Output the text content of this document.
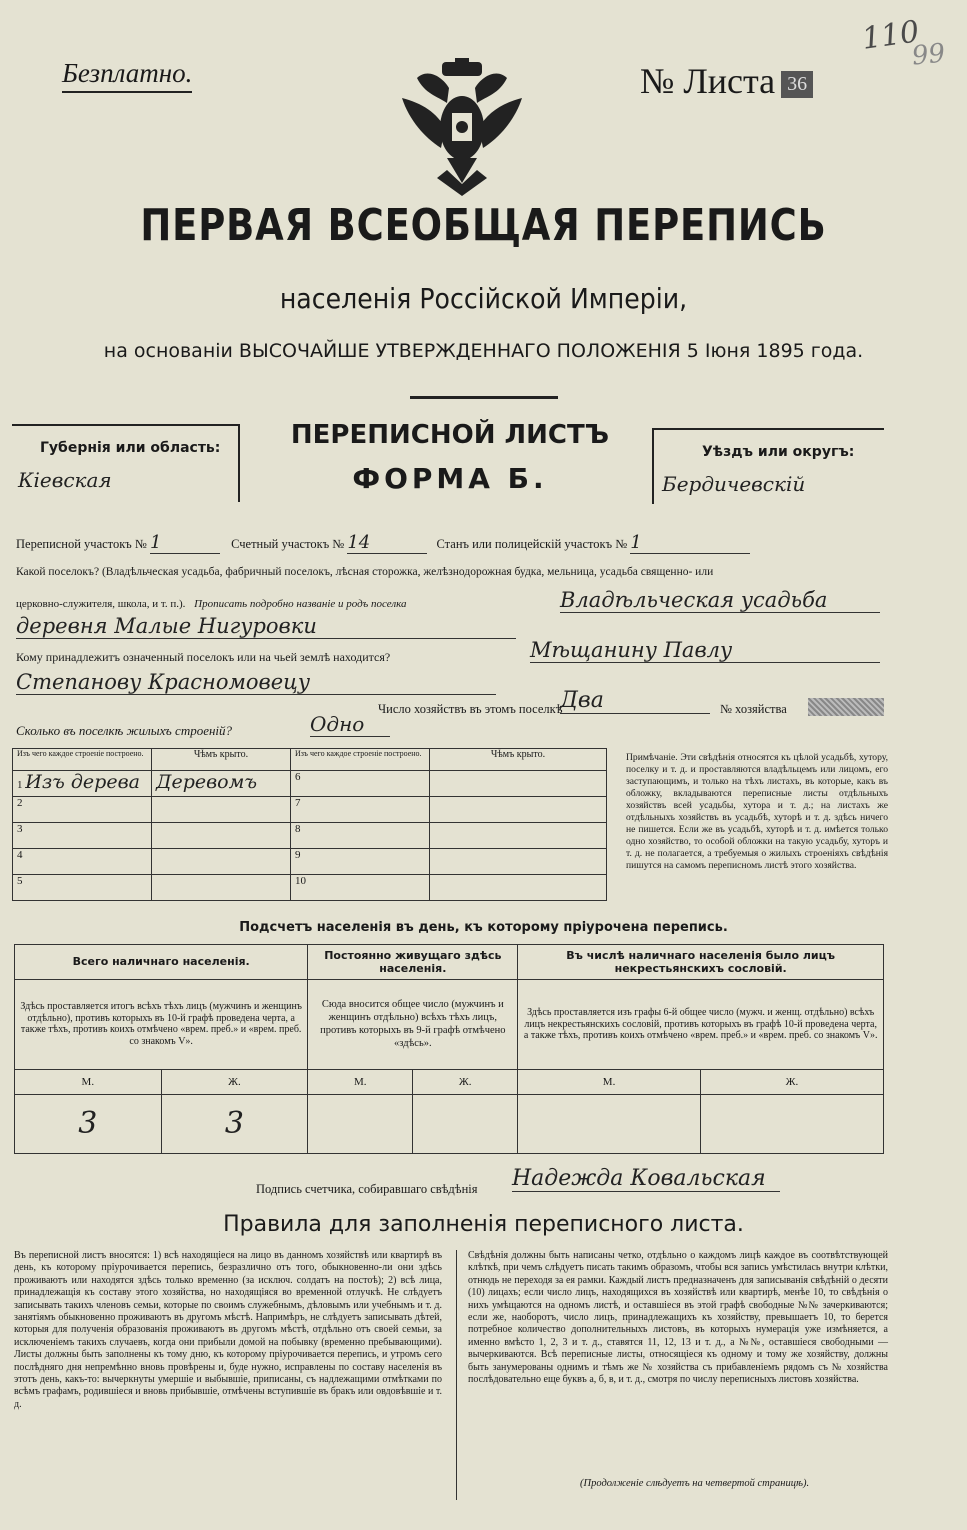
Безплатно.	№ Листа 36
110
99
ПЕРВАЯ ВСЕОБЩАЯ ПЕРЕПИСЬ
населенія Россійской Имперіи,
на основаніи ВЫСОЧАЙШЕ УТВЕРЖДЕННАГО ПОЛОЖЕНІЯ 5 Іюня 1895 года.
Губернія или область:
Кіевская
ПЕРЕПИСНОЙ ЛИСТЪ
ФОРМА Б.
Уѣздъ или округъ:
Бердичевскій
Переписной участокъ № 1	Счетный участокъ № 14	Станъ или полицейскій участокъ № 1
Какой поселокъ? (Владѣльческая усадьба, фабричный поселокъ, лѣсная сторожка, желѣзнодорожная будка, мельница, усадьба священно- или
церковно-служителя, школа, и т. п.). Прописать подробно названіе и родъ поселка	Владѣльческая усадьба
деревня Малые Нигуровки
Кому принадлежитъ означенный поселокъ или на чьей землѣ находится?	Мѣщанину Павлу
Степанову Красномовецу
Число хозяйствъ въ этомъ поселкѣ
Два	№ хозяйства
Сколько въ поселкѣ жилыхъ строеній?	Одно
Изъ чего каждое строеніе построено.	Чѣмъ крыто.	Изъ чего каждое строеніе построено.	Чѣмъ крыто.
1 Изъ дерева	Деревомъ	6	
2		7	
3		8	
4		9	
5		10	
Примѣчаніе. Эти свѣдѣнія относятся къ цѣлой усадьбѣ, хутору, поселку и т. д. и проставляются владѣльцемъ или лицомъ, его заступающимъ, и только на тѣхъ листахъ, въ которые, какъ въ обложку, вкладываются переписные листы отдѣльныхъ хозяйствъ всей усадьбы, хутора и т. д.; на листахъ же отдѣльныхъ хозяйствъ въ усадьбѣ, хуторѣ и т. д. здѣсь ничего не пишется. Если же въ усадьбѣ, хуторѣ и т. д. имѣется только одно хозяйство, то особой обложки на такую усадьбу, хуторъ и т. д. не полагается, а требуемыя о жилыхъ строеніяхъ свѣдѣнія пишутся на самомъ переписномъ листѣ этого хозяйства.
Подсчетъ населенія въ день, къ которому пріурочена перепись.
Всего наличнаго населенія.		Постоянно живущаго здѣсь населенія.		Въ числѣ наличнаго населенія было лицъ некрестьянскихъ сословій.	
Здѣсь проставляется итогъ всѣхъ тѣхъ лицъ (мужчинъ и женщинъ отдѣльно), противъ которыхъ въ 10-й графѣ проведена черта, а также тѣхъ, противъ коихъ отмѣчено «врем. преб.» и «врем. преб. со знакомъ V».		Сюда вносится общее число (мужчинъ и женщинъ отдѣльно) всѣхъ тѣхъ лицъ, противъ которыхъ въ 9-й графѣ отмѣчено «здѣсь».		Здѣсь проставляется изъ графы 6-й общее число (мужч. и женщ. отдѣльно) всѣхъ лицъ некрестьянскихъ сословій, противъ которыхъ въ графѣ 10-й проведена черта, а также тѣхъ, противъ коихъ отмѣчено «врем. преб.» и «врем. преб. со знакомъ V».	
М.	Ж.	М.	Ж.	М.	Ж.
3	3				
Подпись счетчика, собиравшаго свѣдѣнія Надежда Ковальская
Правила для заполненія переписного листа.
Въ переписной листъ вносятся: 1) всѣ находящіеся на лицо въ данномъ хозяйствѣ или квартирѣ въ день, къ которому пріурочивается перепись, безразлично отъ того, обыкновенно-ли они здѣсь проживаютъ или находятся здѣсь только временно (за исключ. солдатъ на постоѣ); 2) всѣ лица, принадлежащія къ составу этого хозяйства, но находящіяся во временной отлучкѣ. Не слѣдуетъ записывать такихъ членовъ семьи, которые по своимъ служебнымъ, дѣловымъ или учебнымъ и т. д. занятіямъ обыкновенно проживаютъ въ другомъ мѣстѣ. Напримѣръ, не слѣдуетъ записывать дѣтей, которыя для полученія образованія проживаютъ въ другомъ мѣстѣ, отдѣльно отъ своей семьи, за исключеніемъ такихъ случаевъ, когда они прибыли домой на побывку (временно пребывающими). Листы должны быть заполнены къ тому дню, къ которому пріурочивается перепись, и утромъ сего послѣдняго дня непремѣнно вновь провѣрены и, буде нужно, исправлены по составу населенія въ этотъ день, какъ-то: вычеркнуты умершіе и выбывшіе, приписаны, съ надлежащими отмѣтками по всѣмъ графамъ, родившіеся и вновь прибывшіе, отмѣчены вступившіе въ бракъ или овдовѣвшіе и т. д.
Свѣдѣнія должны быть написаны четко, отдѣльно о каждомъ лицѣ каждое въ соотвѣтствующей клѣткѣ, при чемъ слѣдуетъ писать такимъ образомъ, чтобы вся запись умѣстилась внутри клѣтки, отнюдь не переходя за ея рамки. Каждый листъ предназначенъ для записыванія свѣдѣній о десяти (10) лицахъ; если число лицъ, находящихся въ хозяйствѣ или квартирѣ, менѣе 10, то свѣдѣнія о нихъ умѣщаются на одномъ листѣ, и оставшіеся въ этой графѣ свободные №№ зачеркиваются; если же, наоборотъ, число лицъ, принадлежащихъ къ хозяйству, превышаетъ 10, то берется потребное количество дополнительныхъ листовъ, въ которыхъ нумерація уже измѣняется, а именно вмѣсто 1, 2, 3 и т. д., ставятся 11, 12, 13 и т. д., а №№, оставшіеся свободными — вычеркиваются. Всѣ переписные листы, относящіеся къ одному и тому же хозяйству, должны быть занумерованы однимъ и тѣмъ же № хозяйства съ прибавленіемъ рядомъ съ № хозяйства послѣдовательно еще буквъ а, б, в, и т. д., смотря по числу переписныхъ листовъ хозяйства.
(Продолженіе слѣдуетъ на четвертой страницѣ).
